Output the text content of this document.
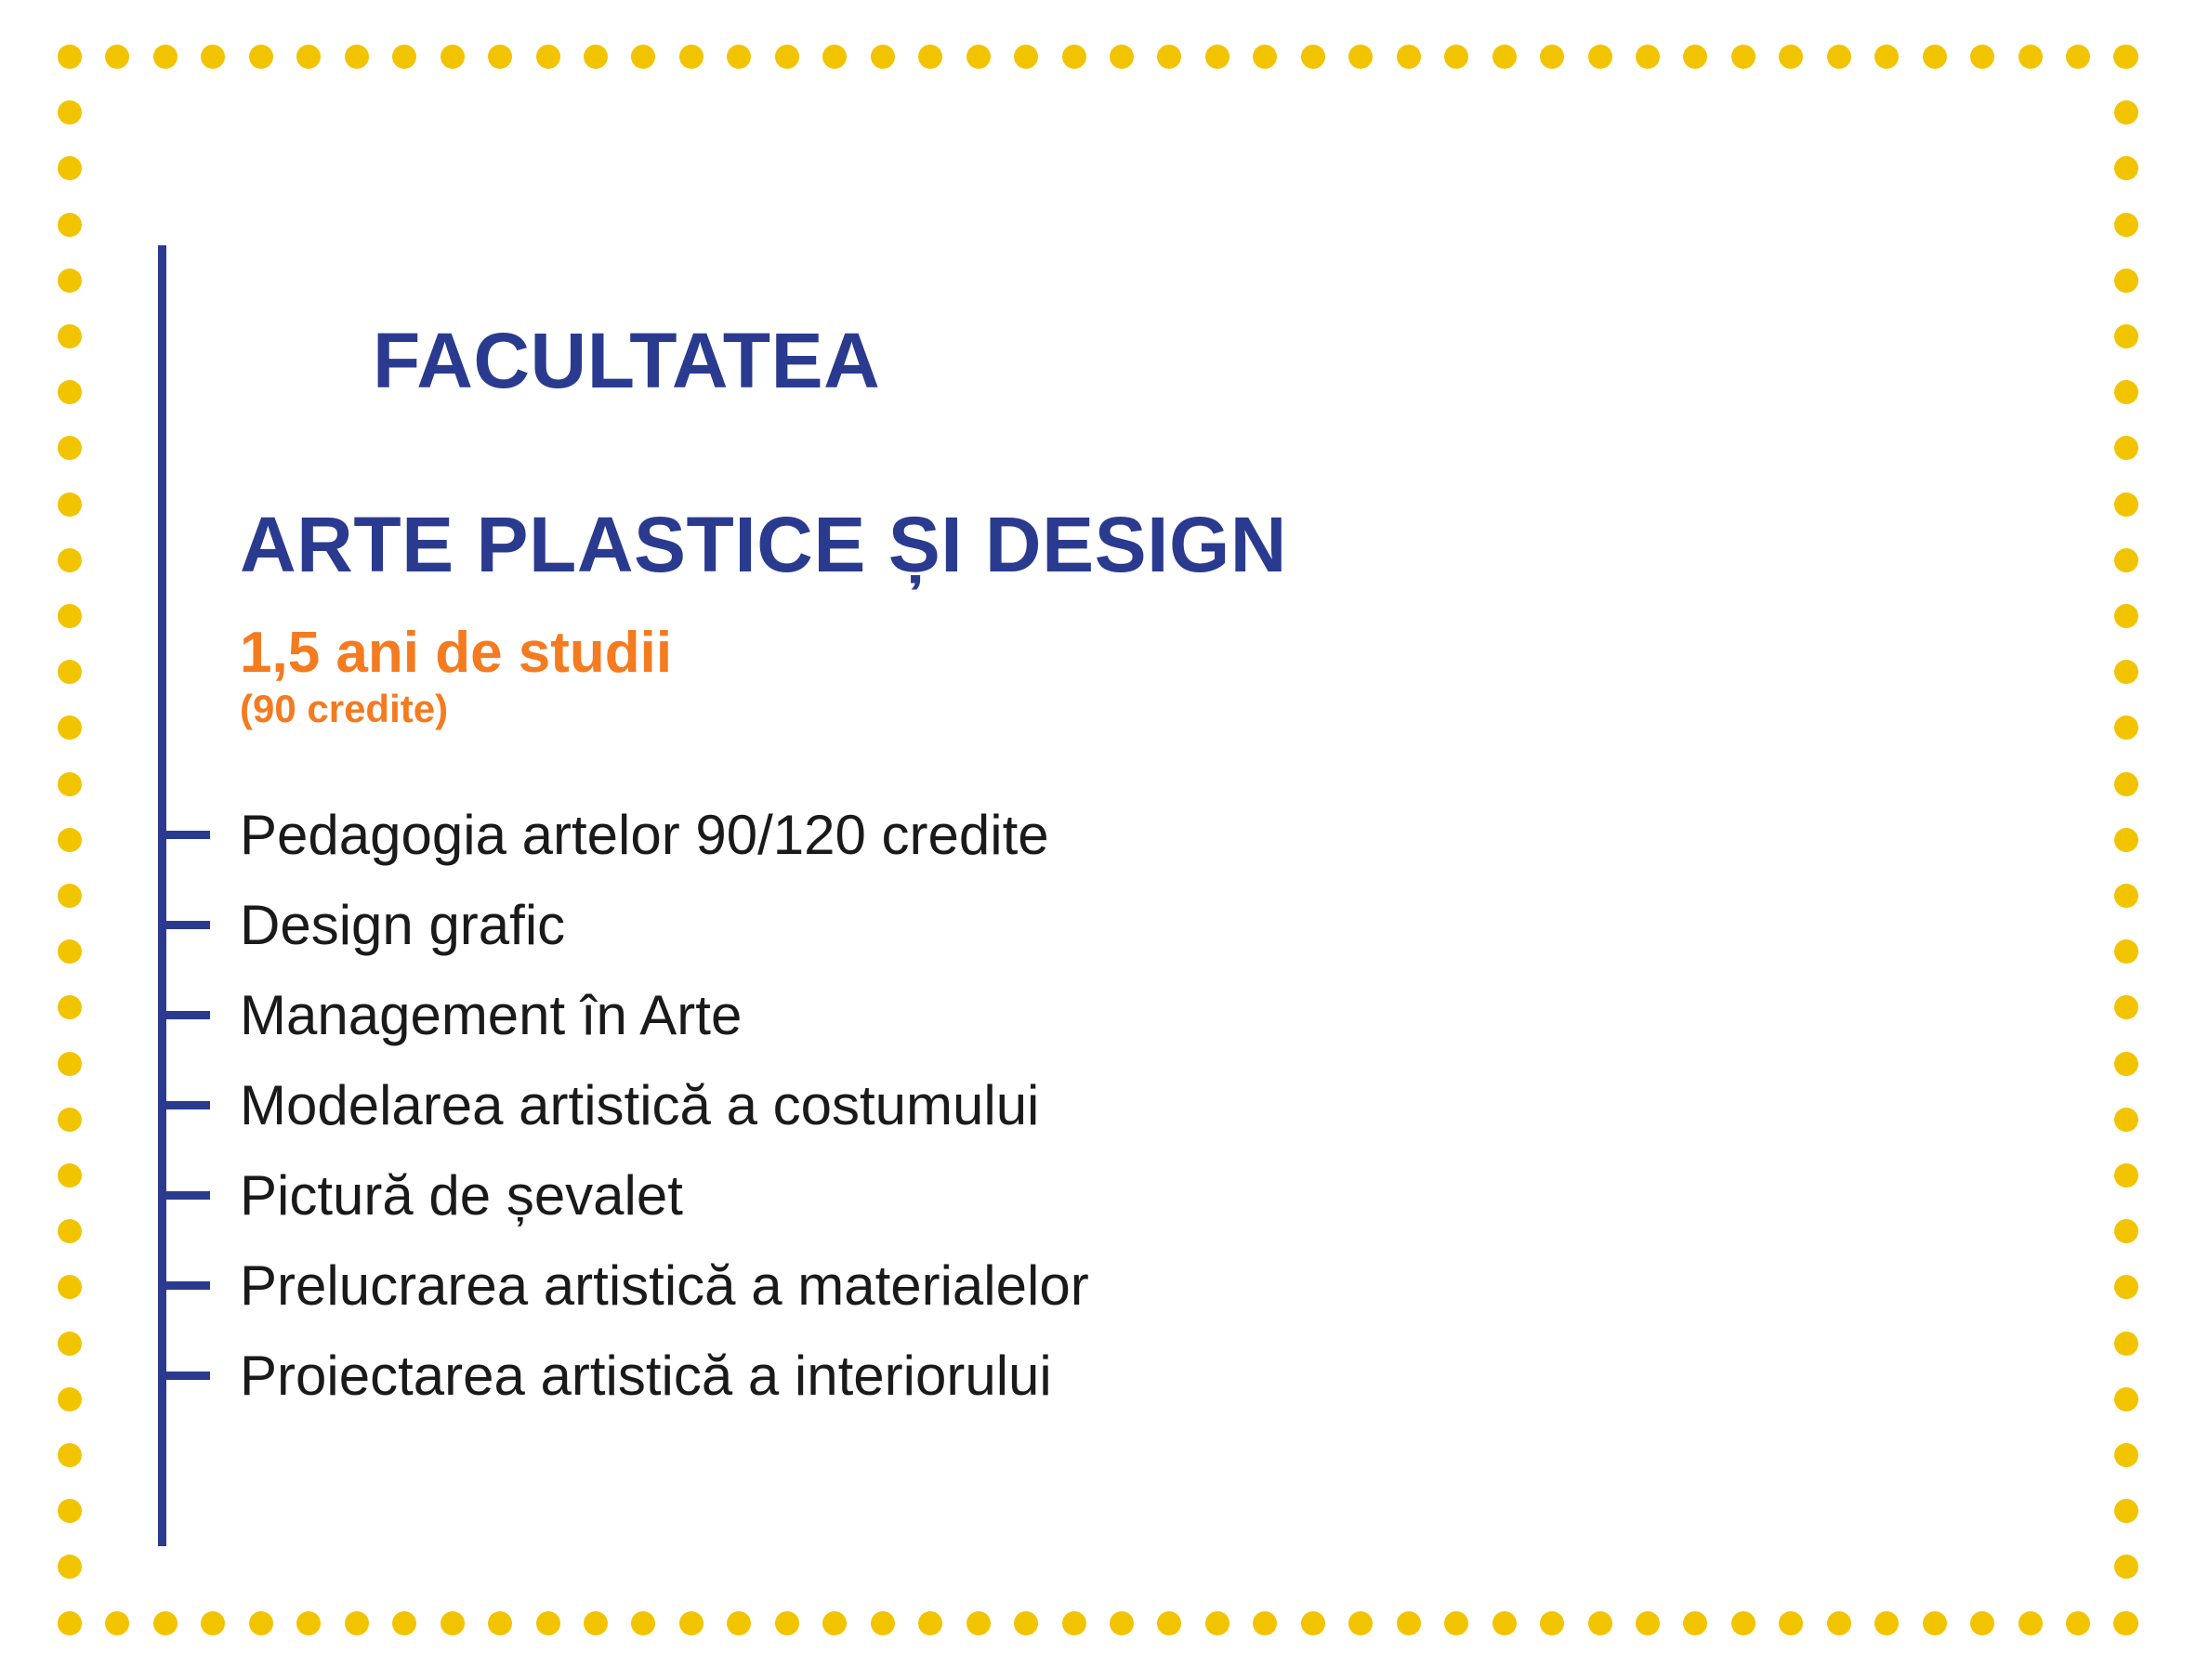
FACULTATEA

ARTE PLASTICE ȘI DESIGN

1,5 ani de studii
(90 credite)
Pedagogia artelor 90/120 credite
Design grafic
Management în Arte
Modelarea artistică a costumului
Pictură de șevalet
Prelucrarea artistică a materialelor
Proiectarea artistică a interiorului
